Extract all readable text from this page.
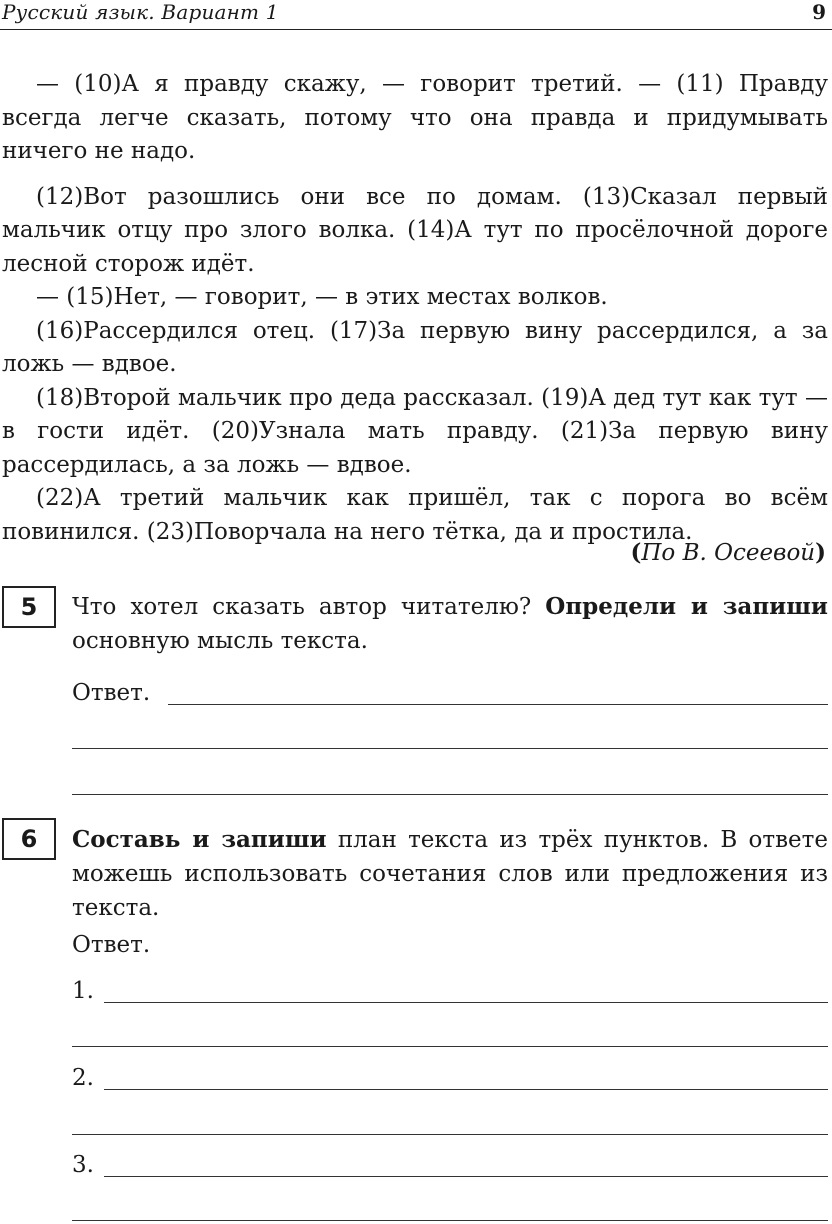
Русский язык. Вариант 1	9

— (10)А я правду скажу, — говорит третий. — (11) Правду всегда легче сказать, потому что она правда и придумывать ничего не надо.

(12)Вот разошлись они все по домам. (13)Сказал первый мальчик отцу про злого волка. (14)А тут по просёлочной дороге лесной сторож идёт.

— (15)Нет, — говорит, — в этих местах волков.

(16)Рассердился отец. (17)За первую вину рассердился, а за ложь — вдвое.

(18)Второй мальчик про деда рассказал. (19)А дед тут как тут — в гости идёт. (20)Узнала мать правду. (21)За первую вину рассердилась, а за ложь — вдвое.

(22)А третий мальчик как пришёл, так с порога во всём повинился. (23)Поворчала на него тётка, да и простила.

(По В. Осеевой)
5	Что хотел сказать автор читателю? Определи и запиши основную мысль текста.
Ответ.
6	Составь и запиши план текста из трёх пунктов. В ответе можешь использовать сочетания слов или предложения из текста.
Ответ.
1.
2.
3.
